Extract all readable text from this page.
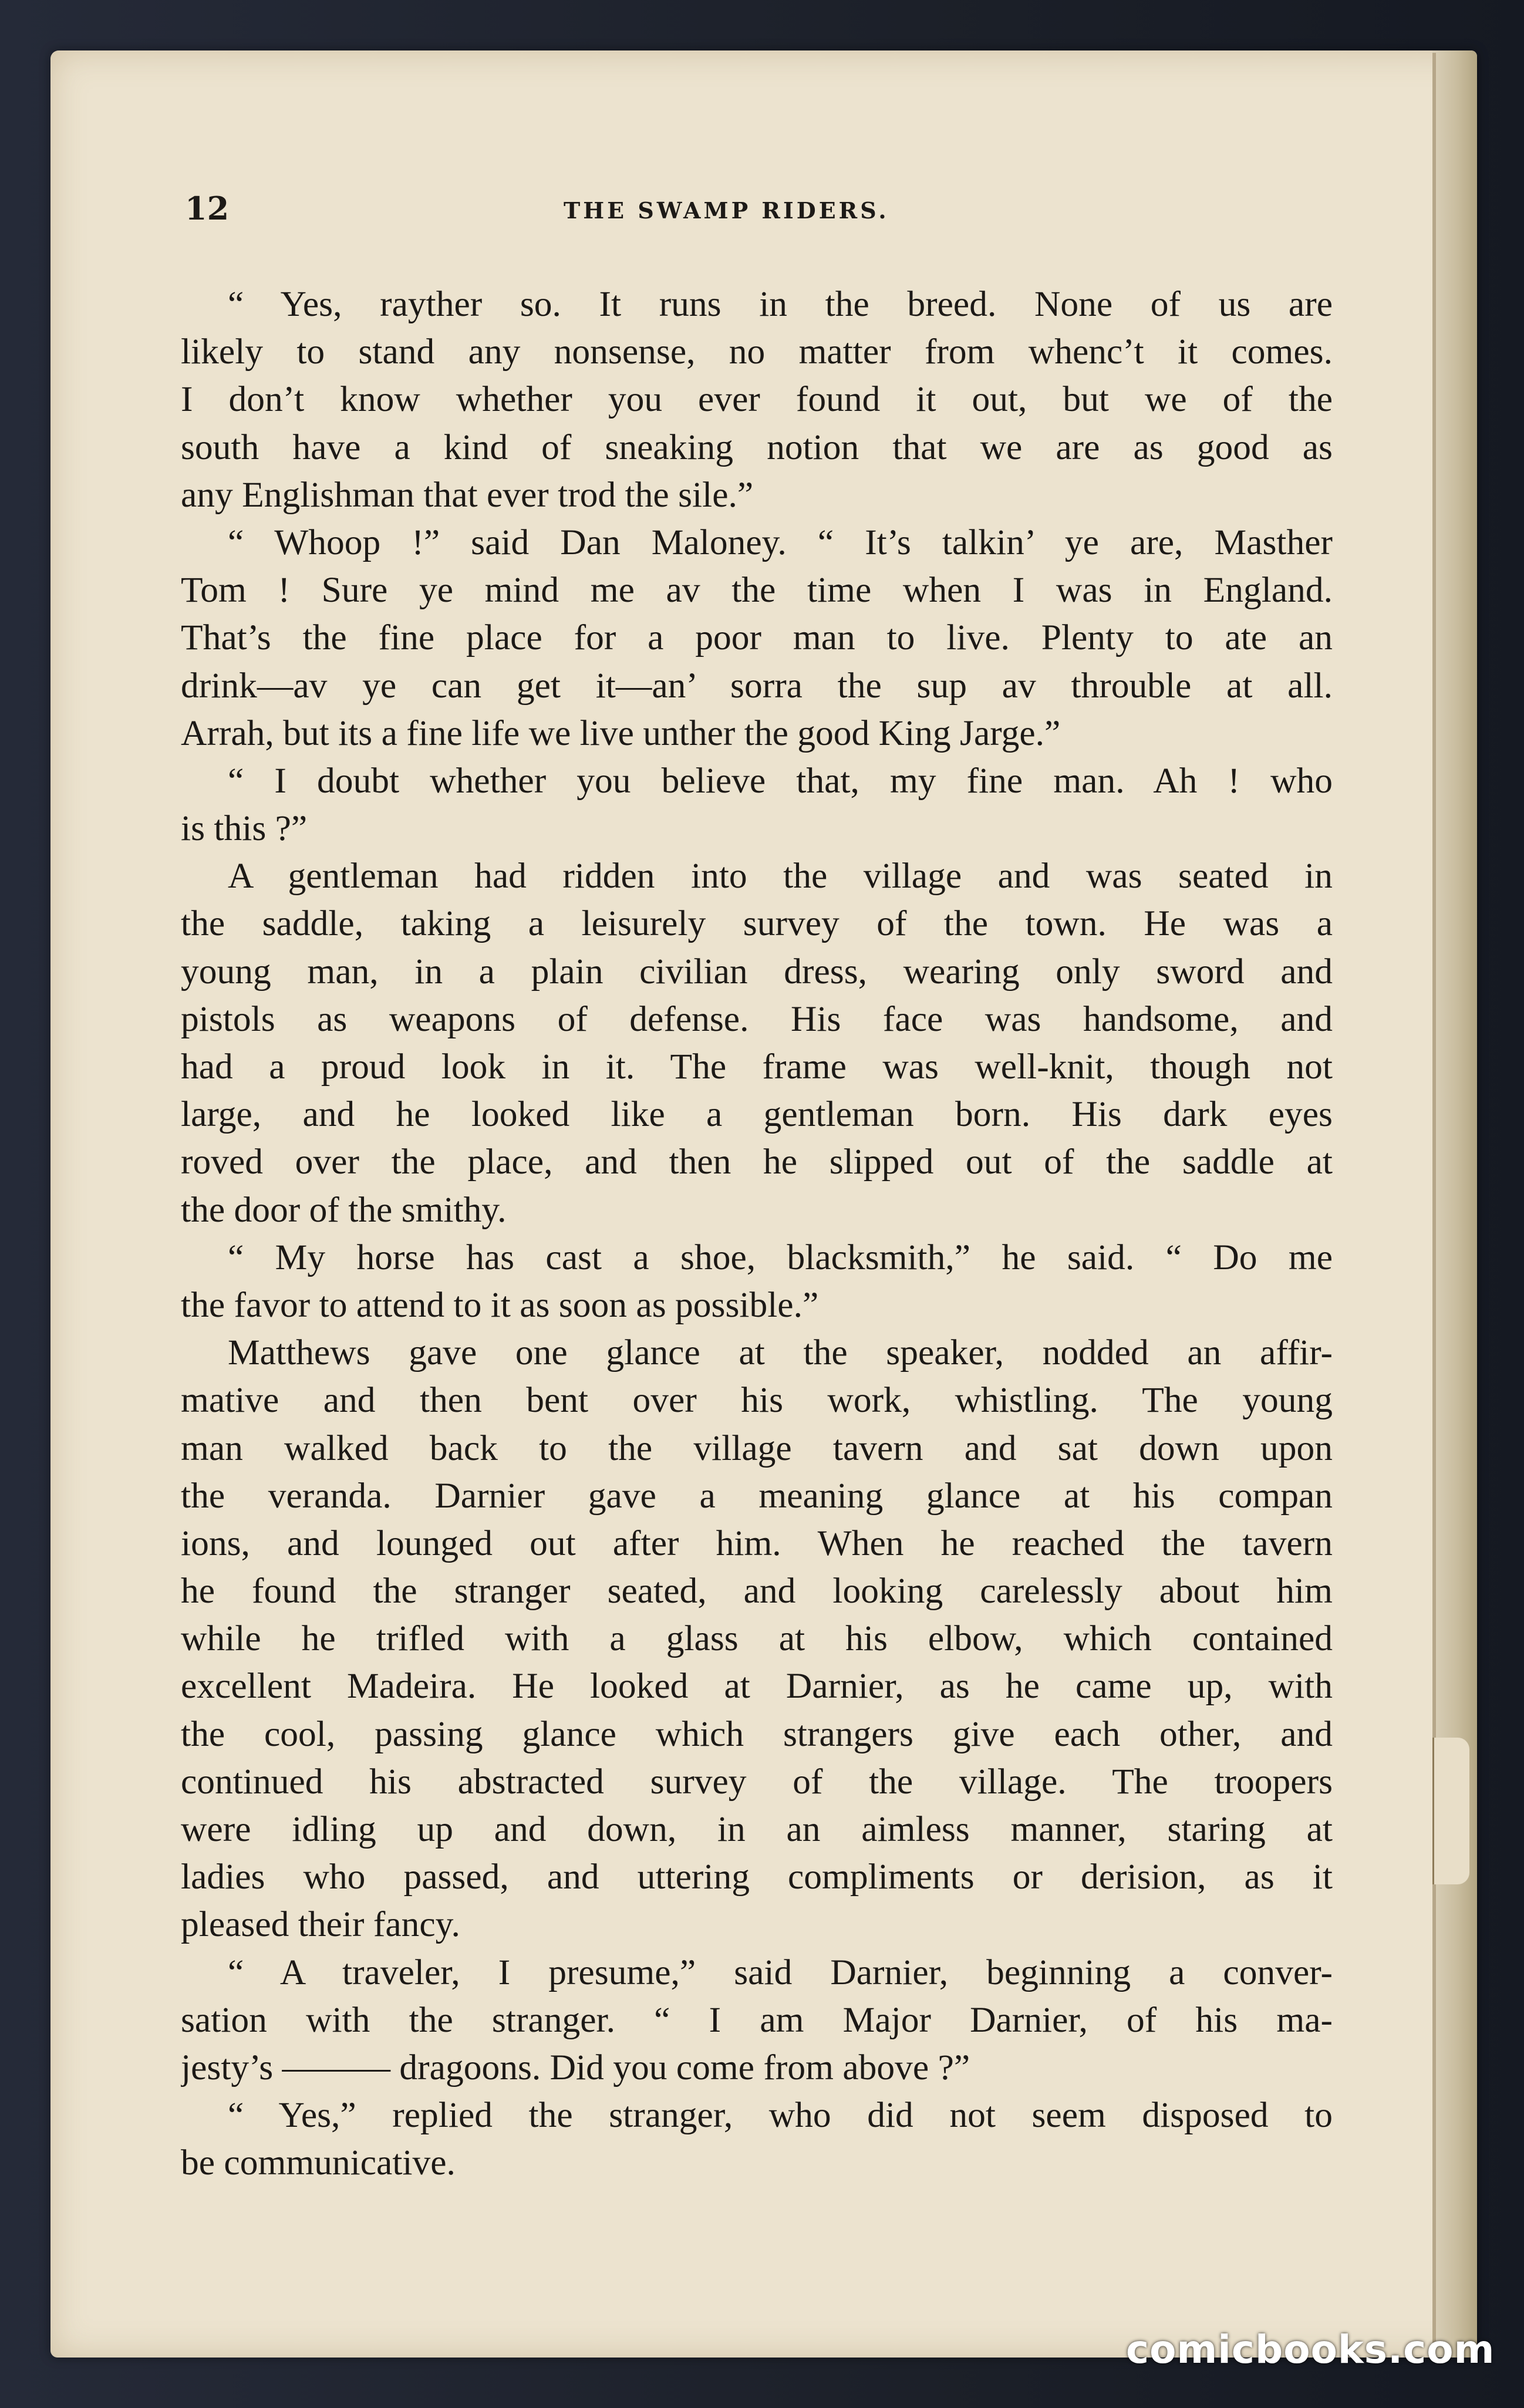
12	THE SWAMP RIDERS.
“ Yes, rayther so. It runs in the breed. None of us are
likely to stand any nonsense, no matter from whenc’t it comes.
I don’t know whether you ever found it out, but we of the
south have a kind of sneaking notion that we are as good as
any Englishman that ever trod the sile.”
“ Whoop !” said Dan Maloney. “ It’s talkin’ ye are, Masther
Tom ! Sure ye mind me av the time when I was in England.
That’s the fine place for a poor man to live. Plenty to ate an
drink—av ye can get it—an’ sorra the sup av throuble at all.
Arrah, but its a fine life we live unther the good King Jarge.”
“ I doubt whether you believe that, my fine man. Ah ! who
is this ?”
A gentleman had ridden into the village and was seated in
the saddle, taking a leisurely survey of the town. He was a
young man, in a plain civilian dress, wearing only sword and
pistols as weapons of defense. His face was handsome, and
had a proud look in it. The frame was well-knit, though not
large, and he looked like a gentleman born. His dark eyes
roved over the place, and then he slipped out of the saddle at
the door of the smithy.
“ My horse has cast a shoe, blacksmith,” he said. “ Do me
the favor to attend to it as soon as possible.”
Matthews gave one glance at the speaker, nodded an affir-
mative and then bent over his work, whistling. The young
man walked back to the village tavern and sat down upon
the veranda. Darnier gave a meaning glance at his compan
ions, and lounged out after him. When he reached the tavern
he found the stranger seated, and looking carelessly about him
while he trifled with a glass at his elbow, which contained
excellent Madeira. He looked at Darnier, as he came up, with
the cool, passing glance which strangers give each other, and
continued his abstracted survey of the village. The troopers
were idling up and down, in an aimless manner, staring at
ladies who passed, and uttering compliments or derision, as it
pleased their fancy.
“ A traveler, I presume,” said Darnier, beginning a conver-
sation with the stranger. “ I am Major Darnier, of his ma-
jesty’s ——— dragoons. Did you come from above ?”
“ Yes,” replied the stranger, who did not seem disposed to
be communicative.
comicbooks.com
